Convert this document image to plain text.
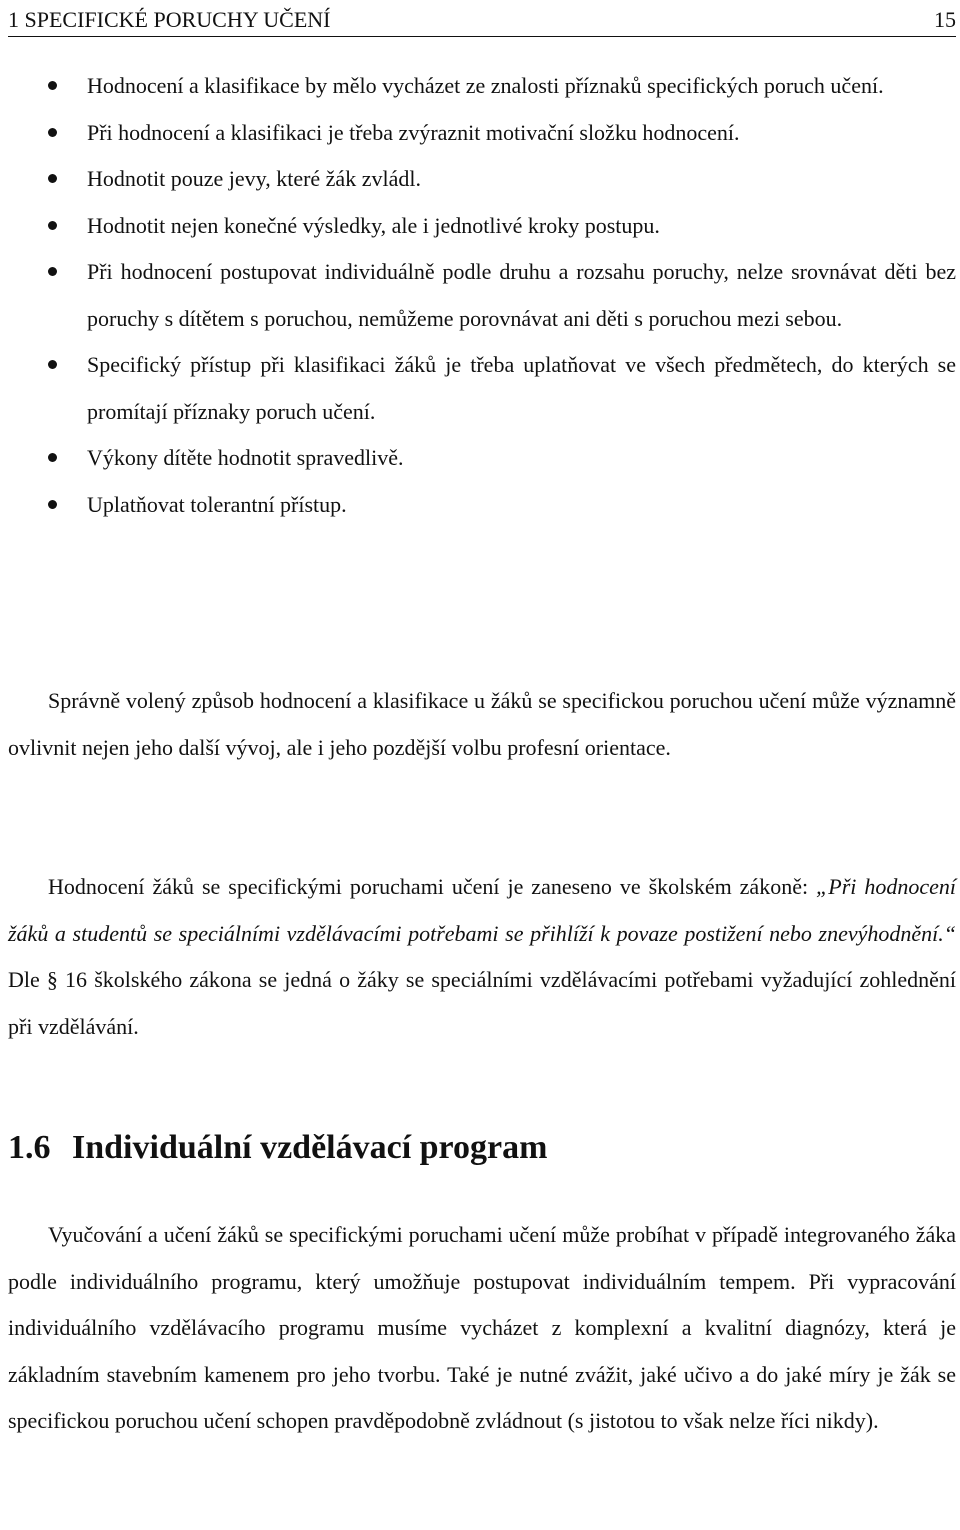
1 SPECIFICKÉ PORUCHY UČENÍ	15
Hodnocení a klasifikace by mělo vycházet ze znalosti příznaků specifických poruch učení.
Při hodnocení a klasifikaci je třeba zvýraznit motivační složku hodnocení.
Hodnotit pouze jevy, které žák zvládl.
Hodnotit nejen konečné výsledky, ale i jednotlivé kroky postupu.
Při hodnocení postupovat individuálně podle druhu a rozsahu poruchy, nelze srovnávat děti bez poruchy s dítětem s poruchou, nemůžeme porovnávat ani děti s poruchou mezi sebou.
Specifický přístup při klasifikaci žáků je třeba uplatňovat ve všech předmětech, do kterých se promítají příznaky poruch učení.
Výkony dítěte hodnotit spravedlivě.
Uplatňovat tolerantní přístup.

Správně volený způsob hodnocení a klasifikace u žáků se specifickou poruchou učení může významně ovlivnit nejen jeho další vývoj, ale i jeho pozdější volbu profesní orientace.

Hodnocení žáků se specifickými poruchami učení je zaneseno ve školském zákoně: „Při hodnocení žáků a studentů se speciálními vzdělávacími potřebami se přihlíží k povaze postižení nebo znevýhodnění.“ Dle § 16 školského zákona se jedná o žáky se speciálními vzdělávacími potřebami vyžadující zohlednění při vzdělávání.

1.6 Individuální vzdělávací program

Vyučování a učení žáků se specifickými poruchami učení může probíhat v případě integrovaného žáka podle individuálního programu, který umožňuje postupovat individuálním tempem. Při vypracování individuálního vzdělávacího programu musíme vycházet z komplexní a kvalitní diagnózy, která je základním stavebním kamenem pro jeho tvorbu. Také je nutné zvážit, jaké učivo a do jaké míry je žák se specifickou poruchou učení schopen pravděpodobně zvládnout (s jistotou to však nelze říci nikdy).
